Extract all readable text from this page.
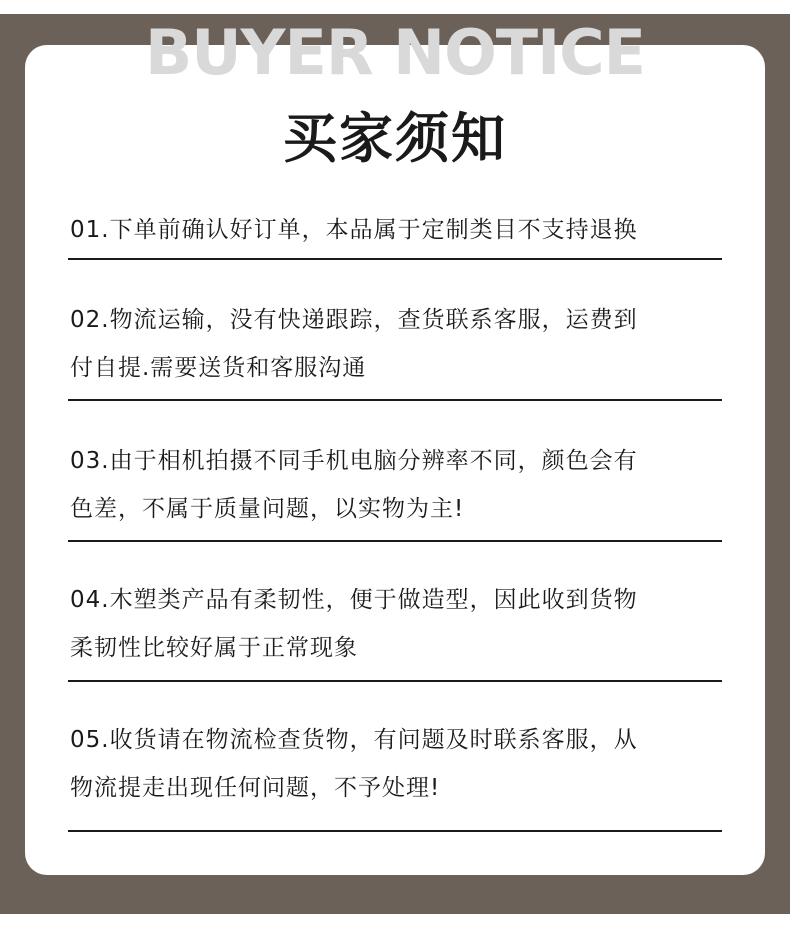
BUYER NOTICE
买家须知
01.下单前确认好订单，本品属于定制类目不支持退换
02.物流运输，没有快递跟踪，查货联系客服，运费到
付自提.需要送货和客服沟通
03.由于相机拍摄不同手机电脑分辨率不同，颜色会有
色差，不属于质量问题，以实物为主!
04.木塑类产品有柔韧性，便于做造型，因此收到货物
柔韧性比较好属于正常现象
05.收货请在物流检查货物，有问题及时联系客服，从
物流提走出现任何问题，不予处理!
